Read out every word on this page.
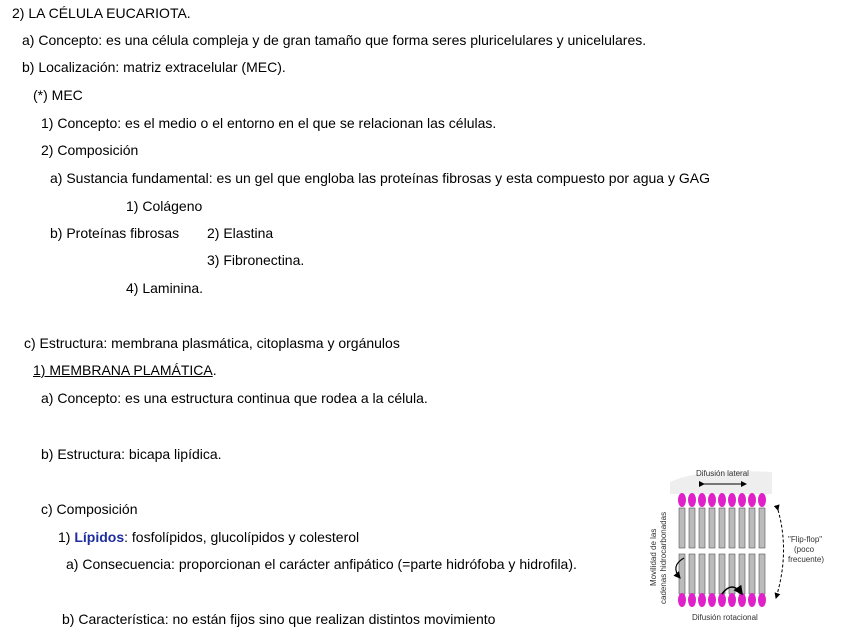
2) LA CÉLULA EUCARIOTA.
a) Concepto: es una célula compleja y de gran tamaño que forma seres pluricelulares y unicelulares.
b) Localización: matriz extracelular (MEC).
(*) MEC
1) Concepto: es el medio o el entorno en el que se relacionan las células.
2) Composición
a) Sustancia fundamental: es un gel que engloba las proteínas fibrosas y esta compuesto por agua y GAG
1) Colágeno
b) Proteínas fibrosas 2) Elastina
3) Fibronectina.
4) Laminina.
c) Estructura: membrana plasmática, citoplasma y orgánulos
1) MEMBRANA PLAMÁTICA.
a) Concepto: es una estructura continua que rodea a la célula.
b) Estructura: bicapa lipídica.
c) Composición
1) Lípidos: fosfolípidos, glucolípidos y colesterol
a) Consecuencia: proporcionan el carácter anfipático (=parte hidrófoba y hidrofila).
b) Característica: no están fijos sino que realizan distintos movimiento
Difusión lateral
Movilidad de las cadenas hidrocarbonadas	"Flip-flop"
(poco
frecuente)
Difusión rotacional
